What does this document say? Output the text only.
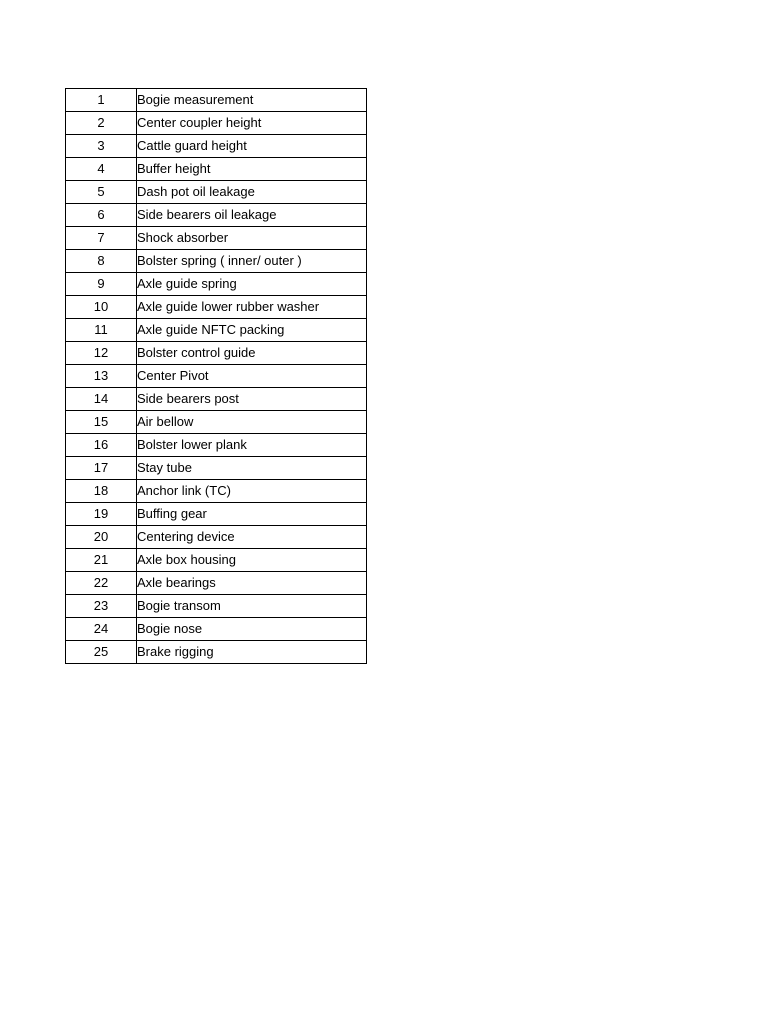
1	Bogie measurement
2	Center coupler height
3	Cattle guard height
4	Buffer height
5	Dash pot oil leakage
6	Side bearers oil leakage
7	Shock absorber
8	Bolster spring ( inner/ outer )
9	Axle guide spring
10	Axle guide lower rubber washer
11	Axle guide NFTC packing
12	Bolster control guide
13	Center Pivot
14	Side bearers post
15	Air bellow
16	Bolster lower plank
17	Stay tube
18	Anchor link (TC)
19	Buffing gear
20	Centering device
21	Axle box housing
22	Axle bearings
23	Bogie transom
24	Bogie nose
25	Brake rigging
